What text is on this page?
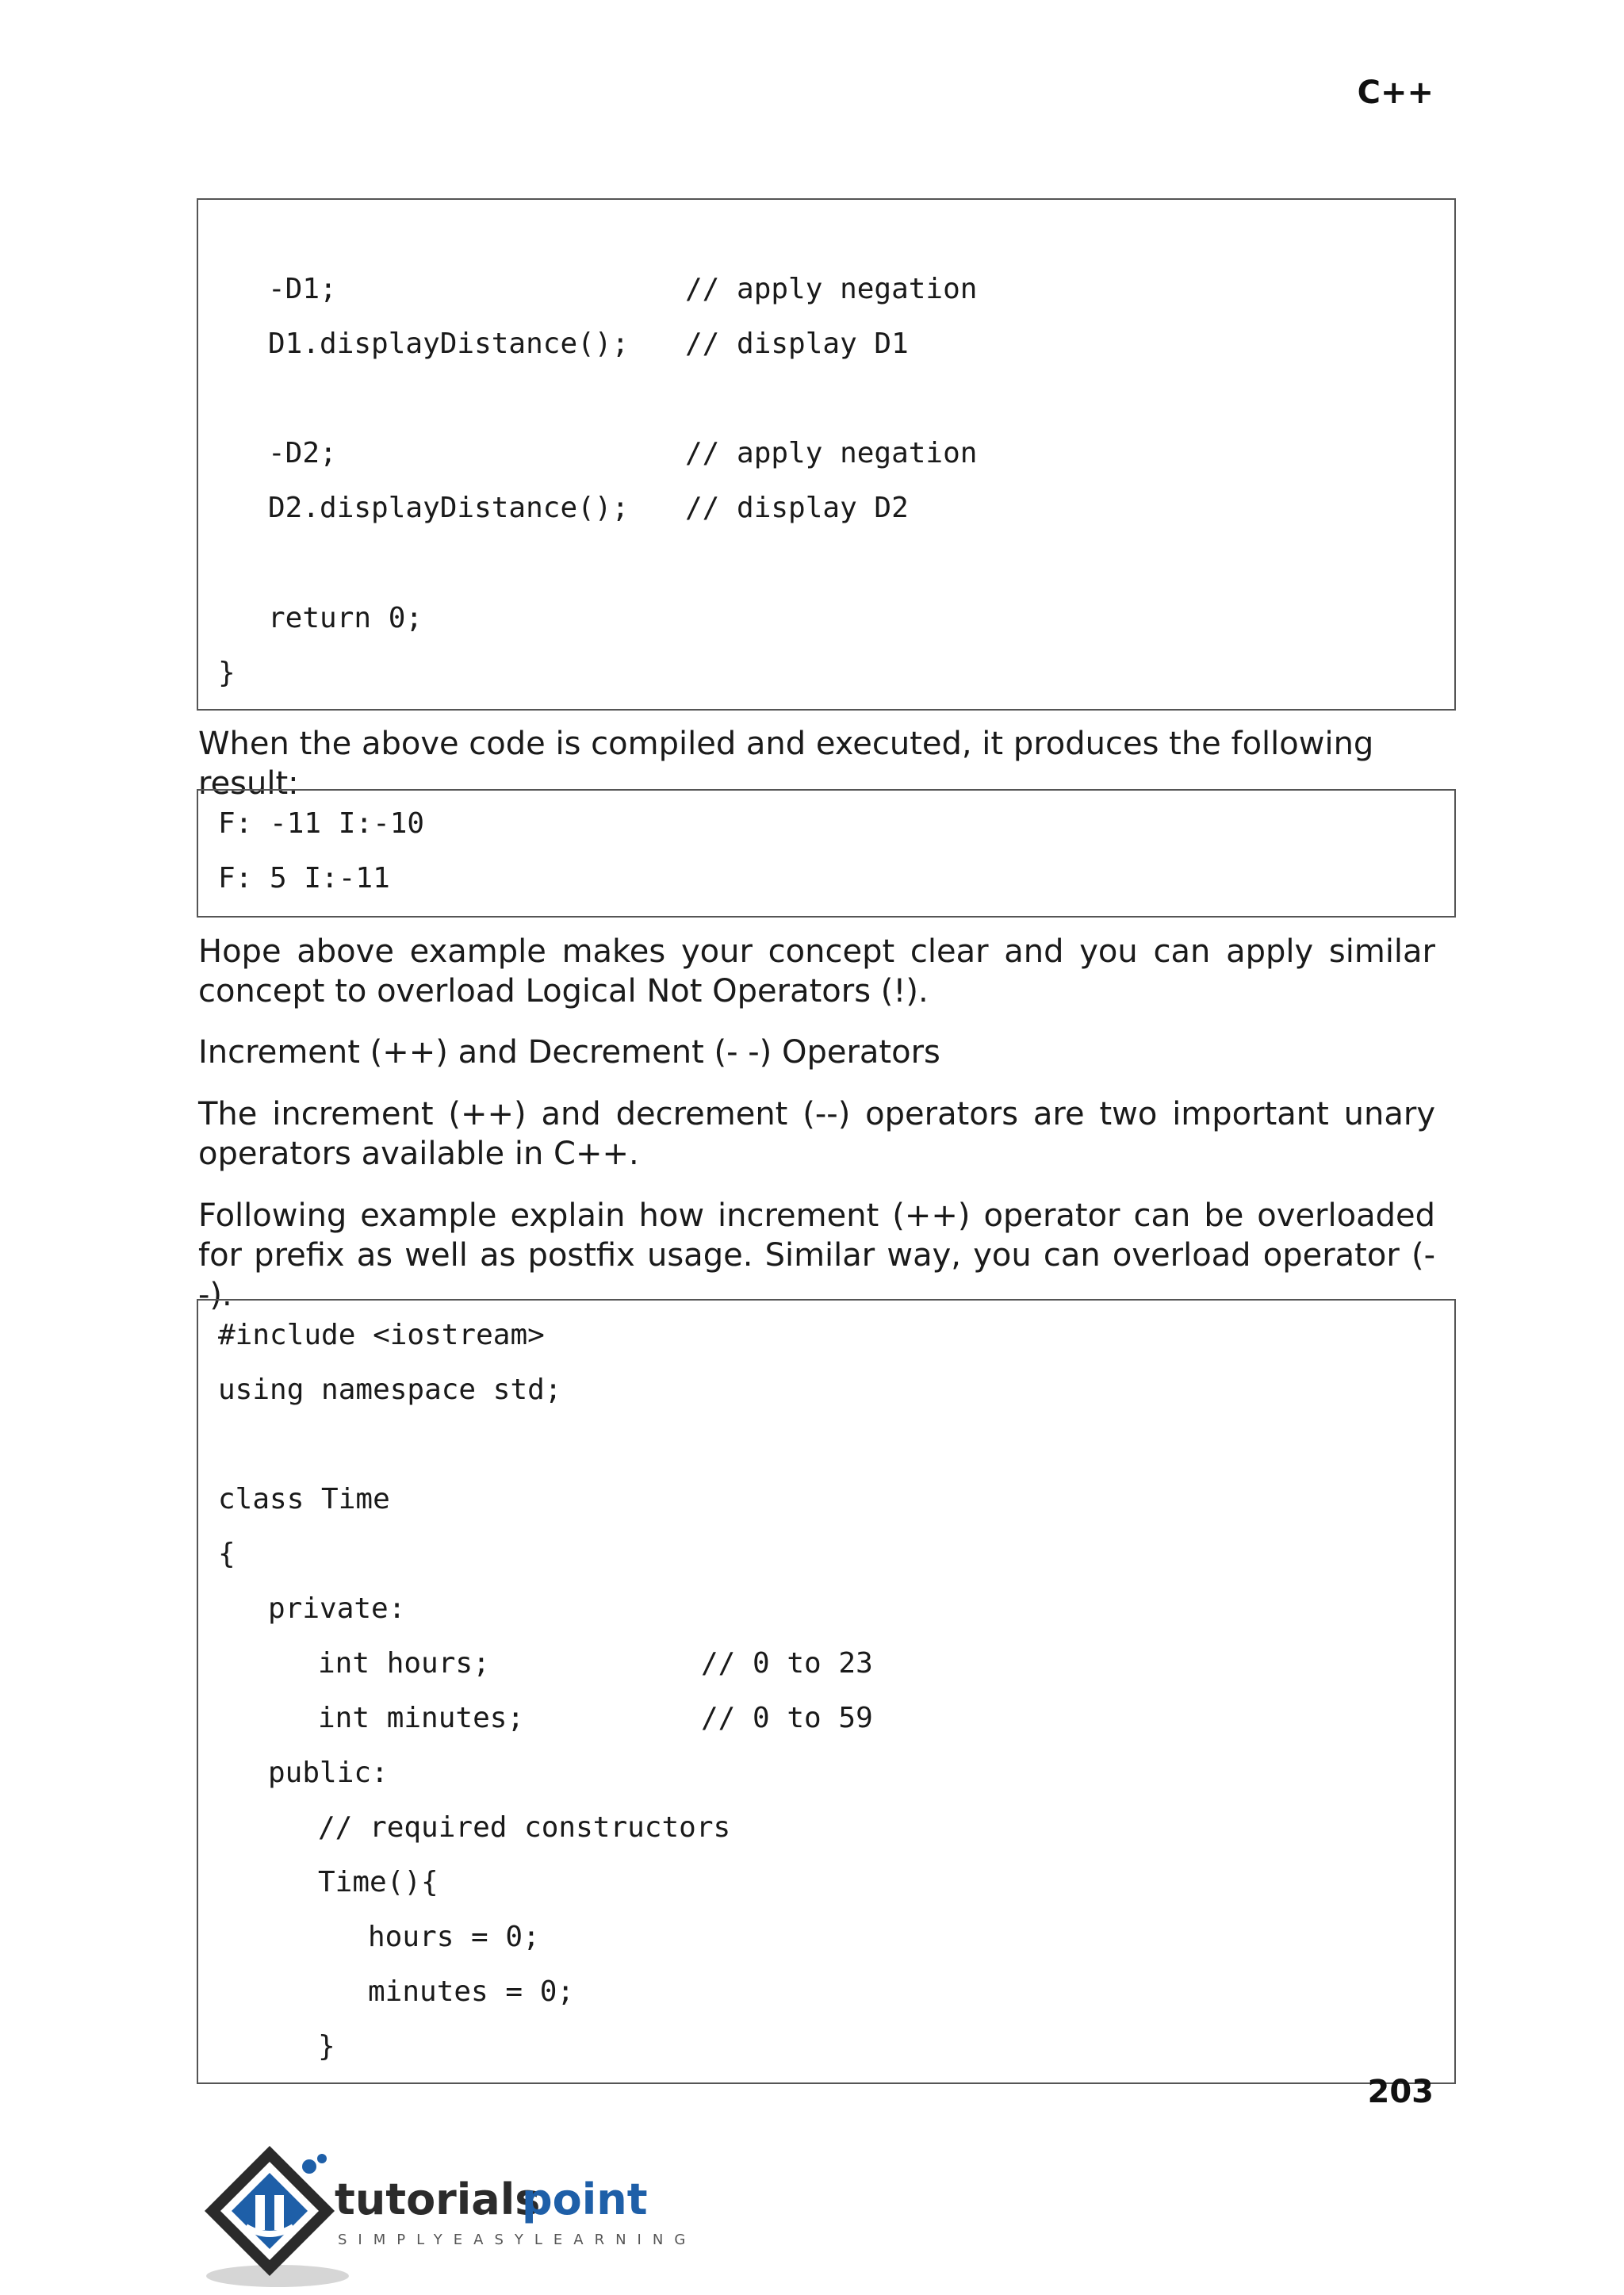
C++
-D1;	// apply negation
D1.displayDistance(); // display D1
-D2;	// apply negation
D2.displayDistance(); // display D2
return 0;
}
When the above code is compiled and executed, it produces the following result:
F: -11 I:-10
F: 5 I:-11
Hope above example makes your concept clear and you can apply similar concept to overload Logical Not Operators (!).
Increment (++) and Decrement (- -) Operators
The increment (++) and decrement (--) operators are two important unary operators available in C++.
Following example explain how increment (++) operator can be overloaded for prefix as well as postfix usage. Similar way, you can overload operator (--).
#include <iostream>
using namespace std;
class Time
{
private:
int hours;	// 0 to 23
int minutes;	// 0 to 59
public:
// required constructors
Time(){
hours = 0;
minutes = 0;
}
203
tutorials
point
SIMPLYEASYLEARNING
